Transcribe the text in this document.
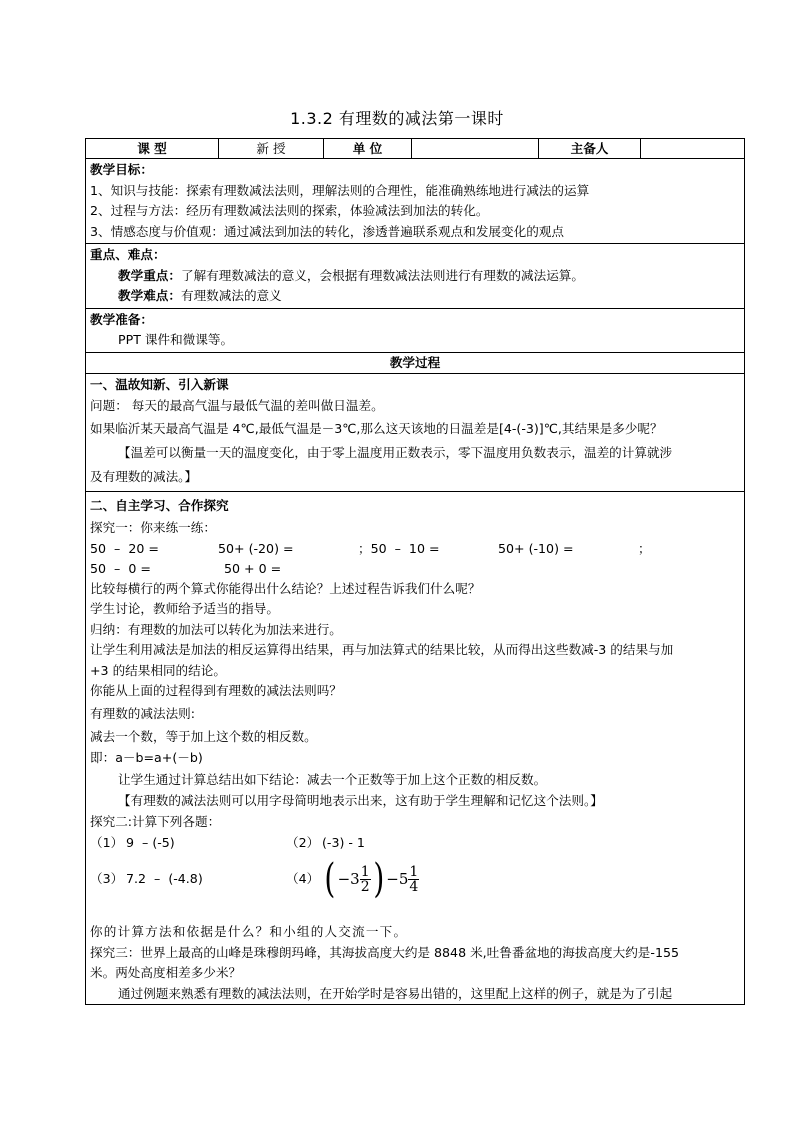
1.3.2 有理数的减法第一课时
课 型	新 授	单 位		主备人	

教学目标：
1、知识与技能：探索有理数减法法则，理解法则的合理性，能准确熟练地进行减法的运算
2、过程与方法：经历有理数减法法则的探索，体验减法到加法的转化。
3、情感态度与价值观：通过减法到加法的转化，渗透普遍联系观点和发展变化的观点

重点、难点：
教学重点：了解有理数减法的意义，会根据有理数减法法则进行有理数的减法运算。
教学难点：有理数减法的意义

教学准备：
PPT 课件和微课等。

教学过程

一、温故知新、引入新课
问题： 每天的最高气温与最低气温的差叫做日温差。
如果临沂某天最高气温是 4℃,最低气温是－3℃,那么这天该地的日温差是[4-(-3)]℃,其结果是多少呢？
【温差可以衡量一天的温度变化，由于零上温度用正数表示，零下温度用负数表示，温差的计算就涉
及有理数的减法。】

二、自主学习、合作探究
探究一：你来练一练：
50  –  20 =	50+ (-20) =	；50  –  10 =	50+ (-10) =	；
50  –  0 =	50 + 0 =
比较每横行的两个算式你能得出什么结论？上述过程告诉我们什么呢？
学生讨论，教师给予适当的指导。
归纳：有理数的加法可以转化为加法来进行。
让学生利用减法是加法的相反运算得出结果，再与加法算式的结果比较，从而得出这些数减-3 的结果与加
+3 的结果相同的结论。
你能从上面的过程得到有理数的减法法则吗？
有理数的减法法则:
减去一个数，等于加上这个数的相反数。
即：a－b=a+(－b)
让学生通过计算总结出如下结论：减去一个正数等于加上这个正数的相反数。
【有理数的减法法则可以用字母简明地表示出来，这有助于学生理解和记忆这个法则。】
探究二:计算下列各题：
（1） 9  – (-5)	（2） (-3) - 1
（3） 7.2  –  (-4.8)	（4） ( $-3 \frac{1}{2}$ ) $-5 \frac{1}{4}$
你的计算方法和依据是什么？和小组的人交流一下。
探究三：世界上最高的山峰是珠穆朗玛峰，其海拔高度大约是 8848 米,吐鲁番盆地的海拔高度大约是-155
米。两处高度相差多少米？
通过例题来熟悉有理数的减法法则，在开始学时是容易出错的，这里配上这样的例子，就是为了引起
